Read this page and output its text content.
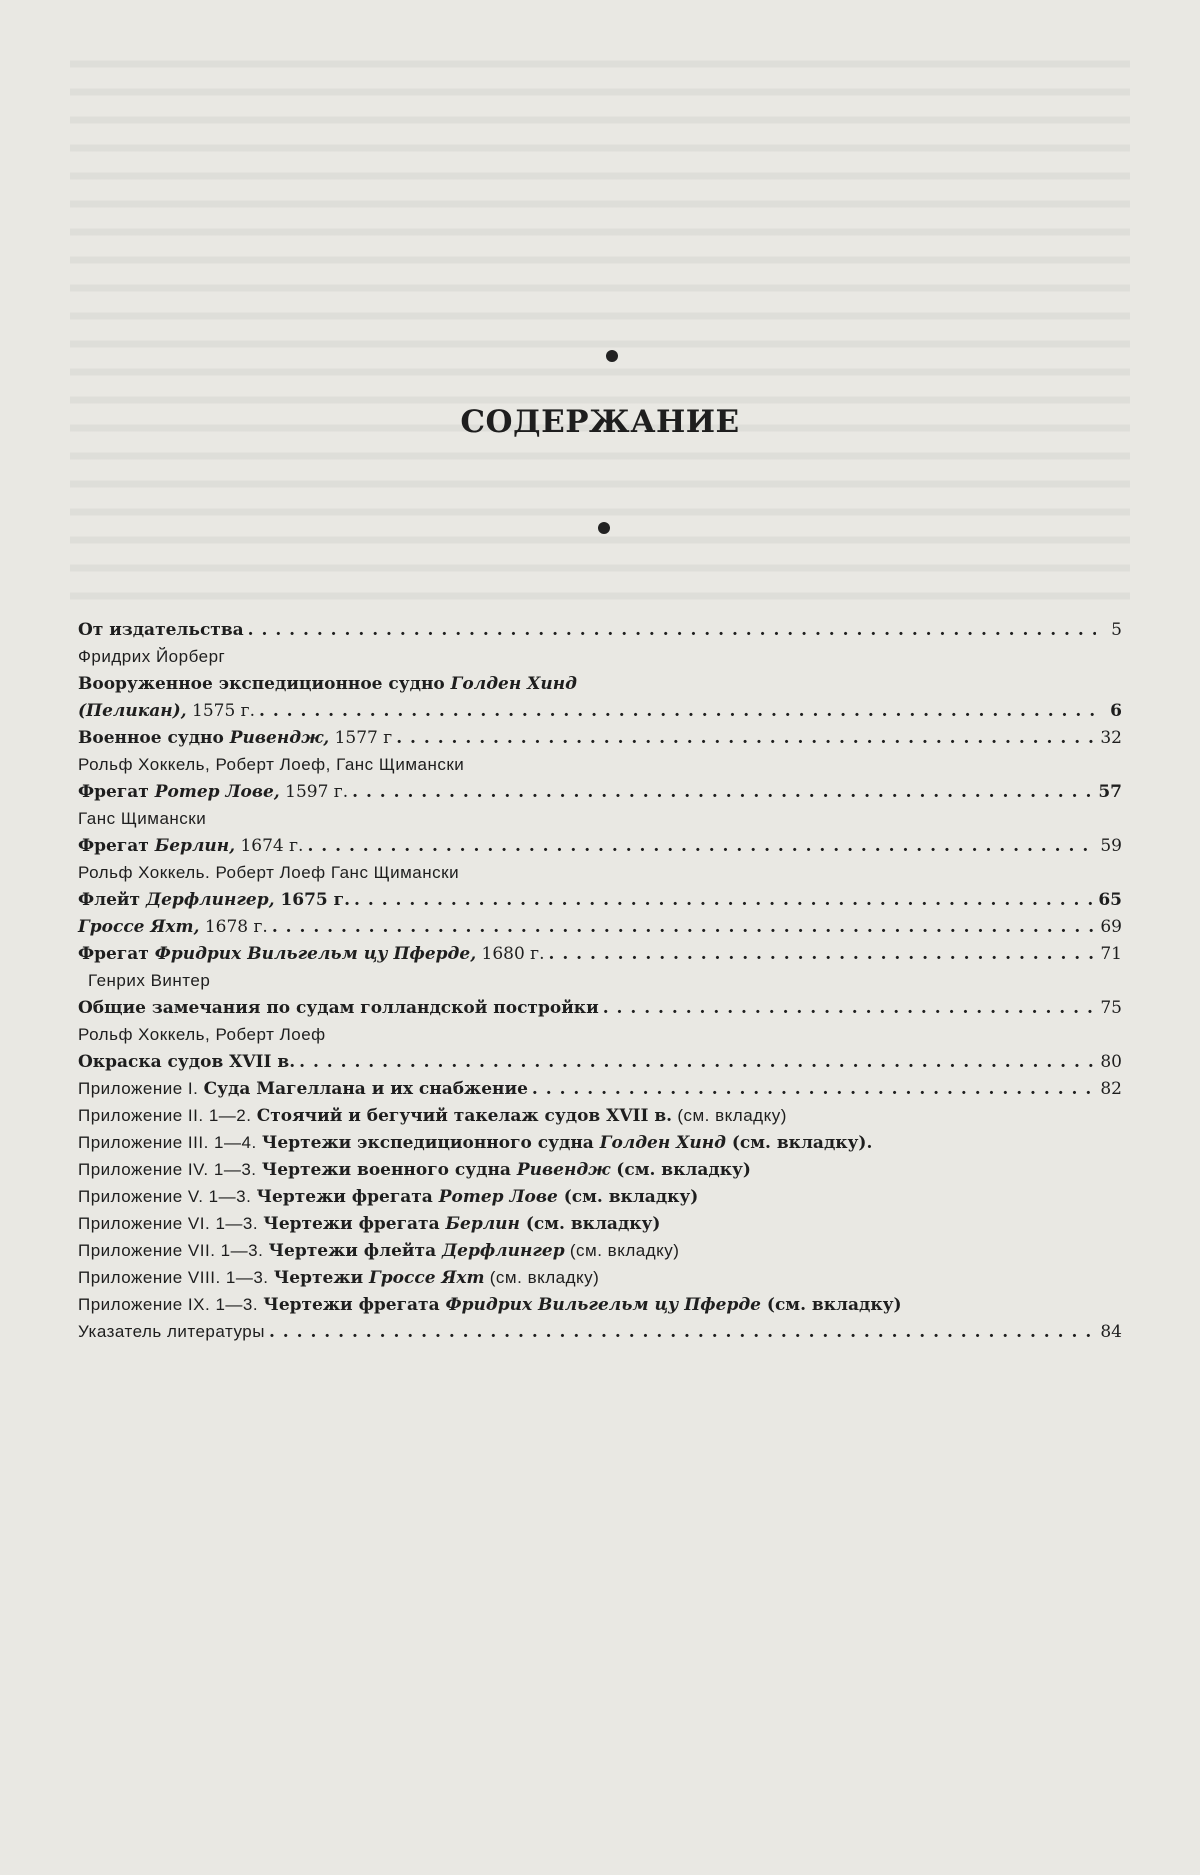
СОДЕРЖАНИЕ
От издательства
. . .	5
Фридрих Йорберг
Вооруженное экспедиционное судно Голден Хинд
(Пеликан), 1575 г.
. . .	6
Военное судно Ривендж, 1577 г
. . .	32
Рольф Хоккель, Роберт Лоеф, Ганс Щимански
Фрегат Ротер Лове, 1597 г.
. . .	57
Ганс Щимански
Фрегат Берлин, 1674 г.
. . .	59
Рольф Хоккель. Роберт Лоеф Ганс Щимански
Флейт Дерфлингер, 1675 г.
. . .	65
Гроссе Яхт, 1678 г.
. . .	69
Фрегат Фридрих Вильгельм цу Пферде, 1680 г.
. . .	71
Генрих Винтер
Общие замечания по судам голландской постройки
. . .	75
Рольф Хоккель, Роберт Лоеф
Окраска судов XVII в.
. . .	80
Приложение I. Суда Магеллана и их снабжение
. . .	82
Приложение II. 1—2. Стоячий и бегучий такелаж судов XVII в. (см. вкладку)
Приложение III. 1—4. Чертежи экспедиционного судна Голден Хинд (см. вкладку).
Приложение IV. 1—3. Чертежи военного судна Ривендж (см. вкладку)
Приложение V. 1—3. Чертежи фрегата Ротер Лове (см. вкладку)
Приложение VI. 1—3. Чертежи фрегата Берлин (см. вкладку)
Приложение VII. 1—3. Чертежи флейта Дерфлингер (см. вкладку)
Приложение VIII. 1—3. Чертежи Гроссе Яхт (см. вкладку)
Приложение IX. 1—3. Чертежи фрегата Фридрих Вильгельм цу Пферде (см. вкладку)
Указатель литературы
. . .	84
